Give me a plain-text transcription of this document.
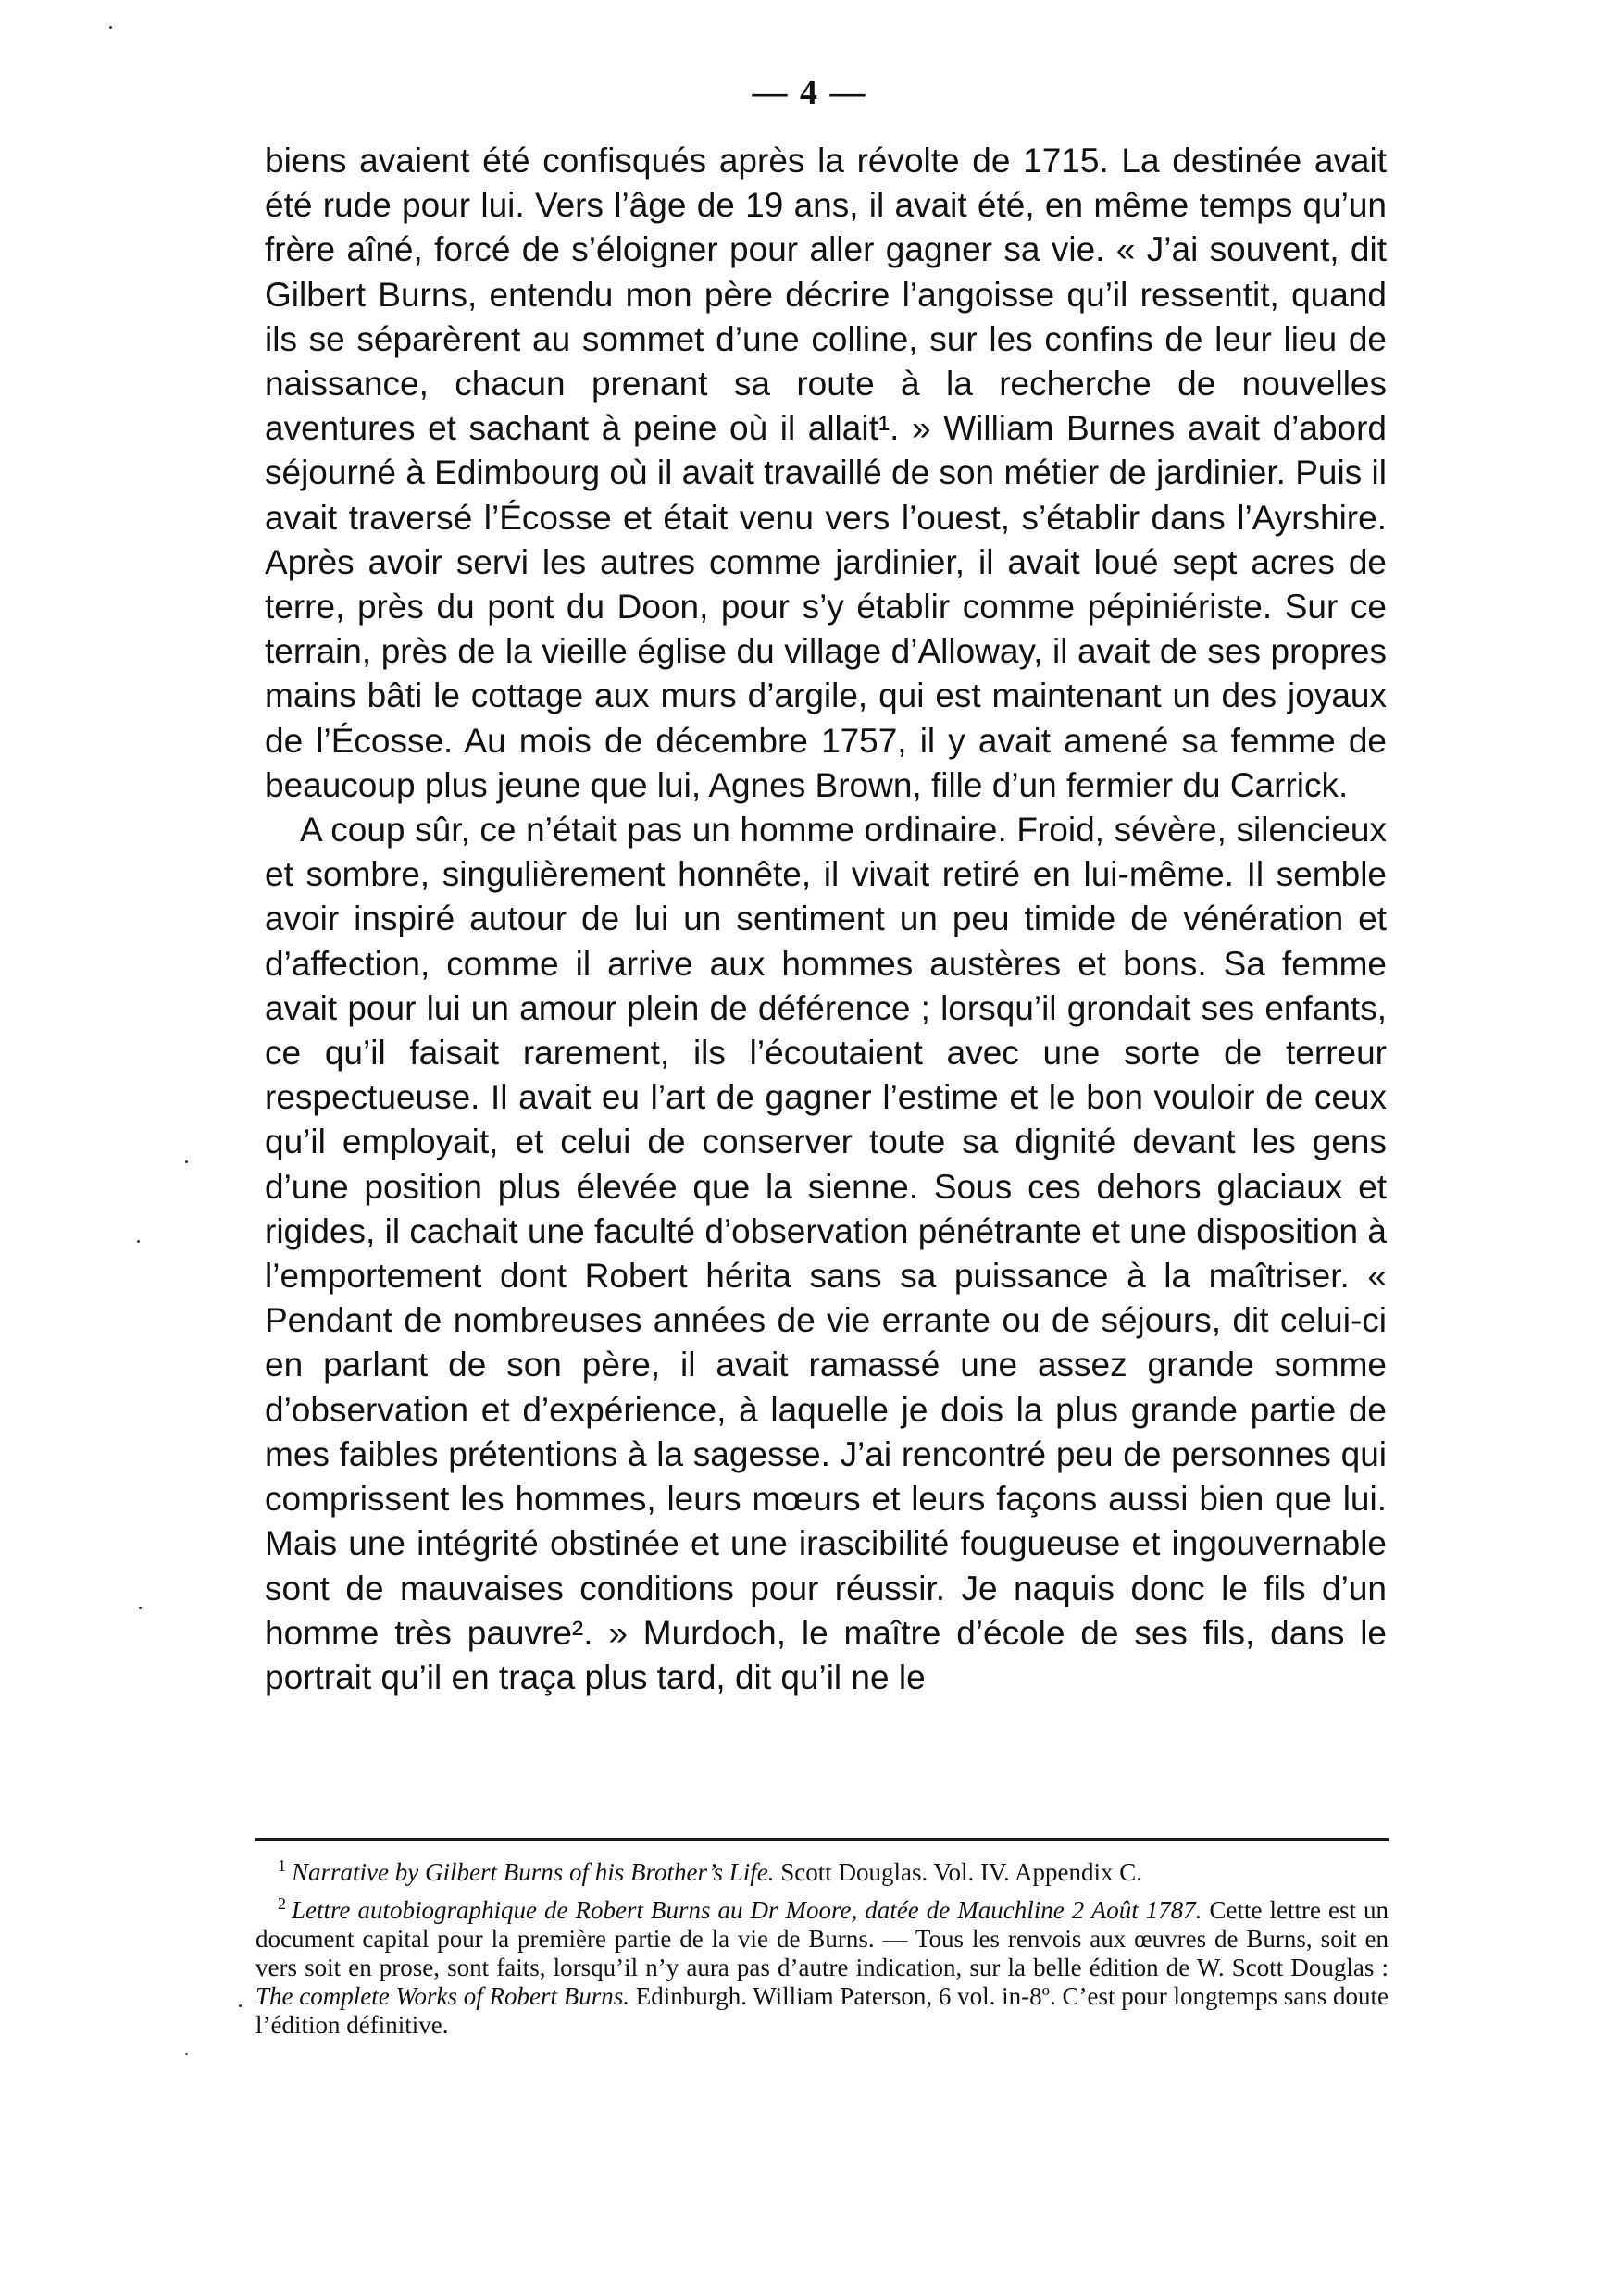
— 4 —

biens avaient été confisqués après la révolte de 1715. La destinée avait été rude pour lui. Vers l’âge de 19 ans, il avait été, en même temps qu’un frère aîné, forcé de s’éloigner pour aller gagner sa vie. « J’ai souvent, dit Gilbert Burns, entendu mon père décrire l’angoisse qu’il ressentit, quand ils se séparèrent au sommet d’une colline, sur les confins de leur lieu de naissance, chacun prenant sa route à la recherche de nouvelles aventures et sachant à peine où il allait¹. » William Burnes avait d’abord séjourné à Edimbourg où il avait travaillé de son métier de jardinier. Puis il avait traversé l’Écosse et était venu vers l’ouest, s’établir dans l’Ayrshire. Après avoir servi les autres comme jardinier, il avait loué sept acres de terre, près du pont du Doon, pour s’y établir comme pépiniériste. Sur ce terrain, près de la vieille église du village d’Alloway, il avait de ses propres mains bâti le cottage aux murs d’argile, qui est maintenant un des joyaux de l’Écosse. Au mois de décembre 1757, il y avait amené sa femme de beaucoup plus jeune que lui, Agnes Brown, fille d’un fermier du Carrick.

A coup sûr, ce n’était pas un homme ordinaire. Froid, sévère, silencieux et sombre, singulièrement honnête, il vivait retiré en lui-même. Il semble avoir inspiré autour de lui un sentiment un peu timide de vénération et d’affection, comme il arrive aux hommes austères et bons. Sa femme avait pour lui un amour plein de déférence ; lorsqu’il grondait ses enfants, ce qu’il faisait rarement, ils l’écoutaient avec une sorte de terreur respectueuse. Il avait eu l’art de gagner l’estime et le bon vouloir de ceux qu’il employait, et celui de conserver toute sa dignité devant les gens d’une position plus élevée que la sienne. Sous ces dehors glaciaux et rigides, il cachait une faculté d’observation pénétrante et une disposition à l’emportement dont Robert hérita sans sa puissance à la maîtriser. « Pendant de nombreuses années de vie errante ou de séjours, dit celui-ci en parlant de son père, il avait ramassé une assez grande somme d’observation et d’expérience, à laquelle je dois la plus grande partie de mes faibles prétentions à la sagesse. J’ai rencontré peu de personnes qui comprissent les hommes, leurs mœurs et leurs façons aussi bien que lui. Mais une intégrité obstinée et une irascibilité fougueuse et ingouvernable sont de mauvaises conditions pour réussir. Je naquis donc le fils d’un homme très pauvre². » Murdoch, le maître d’école de ses fils, dans le portrait qu’il en traça plus tard, dit qu’il ne le

$^1$ Narrative by Gilbert Burns of his Brother’s Life. Scott Douglas. Vol. IV. Appendix C.

$^2$ Lettre autobiographique de Robert Burns au Dr Moore, datée de Mauchline 2 Août 1787. Cette lettre est un document capital pour la première partie de la vie de Burns. — Tous les renvois aux œuvres de Burns, soit en vers soit en prose, sont faits, lorsqu’il n’y aura pas d’autre indication, sur la belle édition de W. Scott Douglas : The complete Works of Robert Burns. Edinburgh. William Paterson, 6 vol. in-8º. C’est pour longtemps sans doute l’édition définitive.
